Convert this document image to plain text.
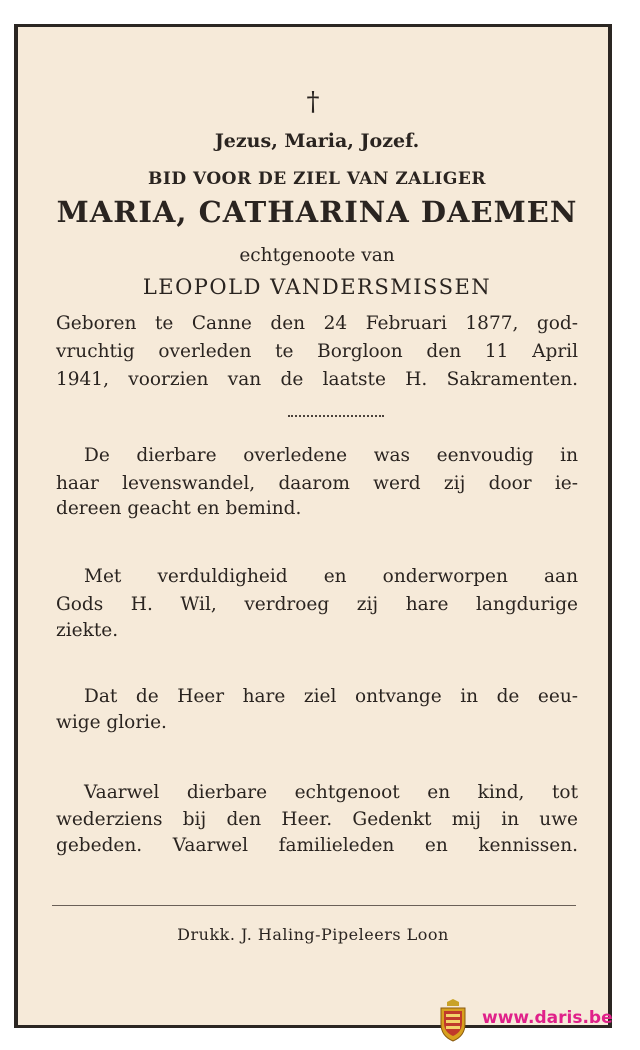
†
Jezus, Maria, Jozef.
BID VOOR DE ZIEL VAN ZALIGER
MARIA, CATHARINA DAEMEN
echtgenoote van
LEOPOLD VANDERSMISSEN
Geboren te Canne den 24 Februari 1877, god-
vruchtig overleden te Borgloon den 11 April
1941, voorzien van de laatste H. Sakramenten.
De dierbare overledene was eenvoudig in
haar levenswandel, daarom werd zij door ie-
dereen geacht en bemind.
Met verduldigheid en onderworpen aan
Gods H. Wil, verdroeg zij hare langdurige
ziekte.
Dat de Heer hare ziel ontvange in de eeu-
wige glorie.
Vaarwel dierbare echtgenoot en kind, tot
wederziens bij den Heer. Gedenkt mij in uwe
gebeden. Vaarwel familieleden en kennissen.
Drukk. J. Haling-Pipeleers Loon
www.daris.be
